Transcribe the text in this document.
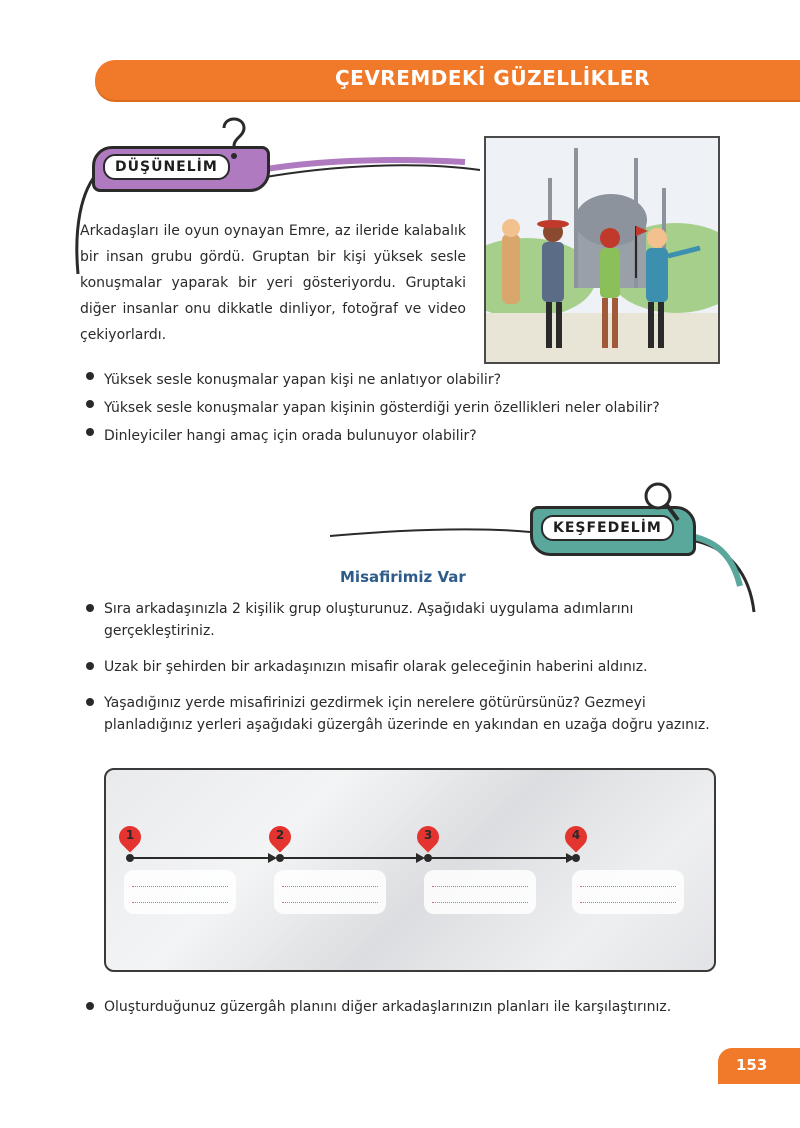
ÇEVREMDEKİ GÜZELLİKLER
DÜŞÜNELİM
Arkadaşları ile oyun oynayan Emre, az ileride kalabalık bir insan grubu gördü. Gruptan bir kişi yüksek sesle konuşmalar yaparak bir yeri gösteriyordu. Gruptaki diğer insanlar onu dikkatle dinliyor, fotoğraf ve video çekiyorlardı.
Yüksek sesle konuşmalar yapan kişi ne anlatıyor olabilir?
Yüksek sesle konuşmalar yapan kişinin gösterdiği yerin özellikleri neler olabilir?
Dinleyiciler hangi amaç için orada bulunuyor olabilir?
KEŞFEDELİM
Misafirimiz Var
Sıra arkadaşınızla 2 kişilik grup oluşturunuz. Aşağıdaki uygulama adımlarını gerçekleştiriniz.
Uzak bir şehirden bir arkadaşınızın misafir olarak geleceğinin haberini aldınız.
Yaşadığınız yerde misafirinizi gezdirmek için nerelere götürürsünüz? Gezmeyi planladığınız yerleri aşağıdaki güzergâh üzerinde en yakından en uzağa doğru yazınız.
1	2	3	4
Oluşturduğunuz güzergâh planını diğer arkadaşlarınızın planları ile karşılaştırınız.
153
